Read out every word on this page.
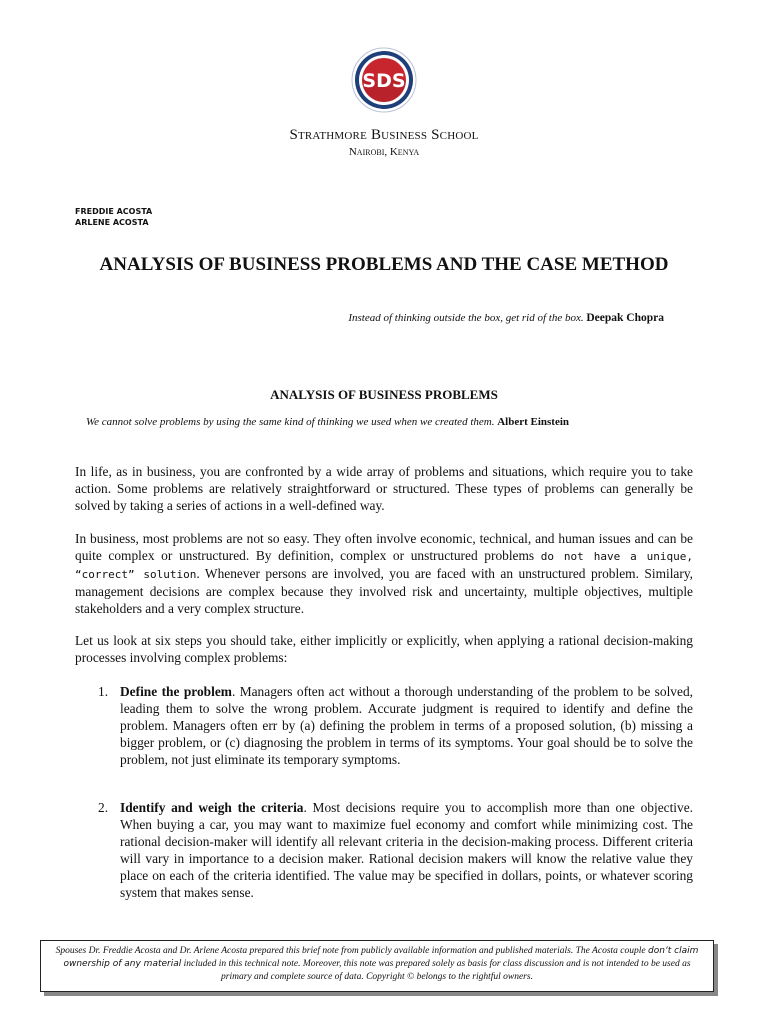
SDS
Strathmore Business School
Nairobi, Kenya
FREDDIE ACOSTA
ARLENE ACOSTA
ANALYSIS OF BUSINESS PROBLEMS AND THE CASE METHOD
Instead of thinking outside the box, get rid of the box. Deepak Chopra
ANALYSIS OF BUSINESS PROBLEMS
We cannot solve problems by using the same kind of thinking we used when we created them. Albert Einstein

In life, as in business, you are confronted by a wide array of problems and situations, which require you to take action. Some problems are relatively straightforward or structured. These types of problems can generally be solved by taking a series of actions in a well-defined way.

In business, most problems are not so easy. They often involve economic, technical, and human issues and can be quite complex or unstructured. By definition, complex or unstructured problems do not have a unique, “correct” solution. Whenever persons are involved, you are faced with an unstructured problem. Similary, management decisions are complex because they involved risk and uncertainty, multiple objectives, multiple stakeholders and a very complex structure.

Let us look at six steps you should take, either implicitly or explicitly, when applying a rational decision-making processes involving complex problems:

1. Define the problem. Managers often act without a thorough understanding of the problem to be solved, leading them to solve the wrong problem. Accurate judgment is required to identify and define the problem. Managers often err by (a) defining the problem in terms of a proposed solution, (b) missing a bigger problem, or (c) diagnosing the problem in terms of its symptoms. Your goal should be to solve the problem, not just eliminate its temporary symptoms.
2. Identify and weigh the criteria. Most decisions require you to accomplish more than one objective. When buying a car, you may want to maximize fuel economy and comfort while minimizing cost. The rational decision-maker will identify all relevant criteria in the decision-making process. Different criteria will vary in importance to a decision maker. Rational decision makers will know the relative value they place on each of the criteria identified. The value may be specified in dollars, points, or whatever scoring system that makes sense.
Spouses Dr. Freddie Acosta and Dr. Arlene Acosta prepared this brief note from publicly available information and published materials. The Acosta couple don’t claim ownership of any material included in this technical note. Moreover, this note was prepared solely as basis for class discussion and is not intended to be used as primary and complete source of data. Copyright © belongs to the rightful owners.
